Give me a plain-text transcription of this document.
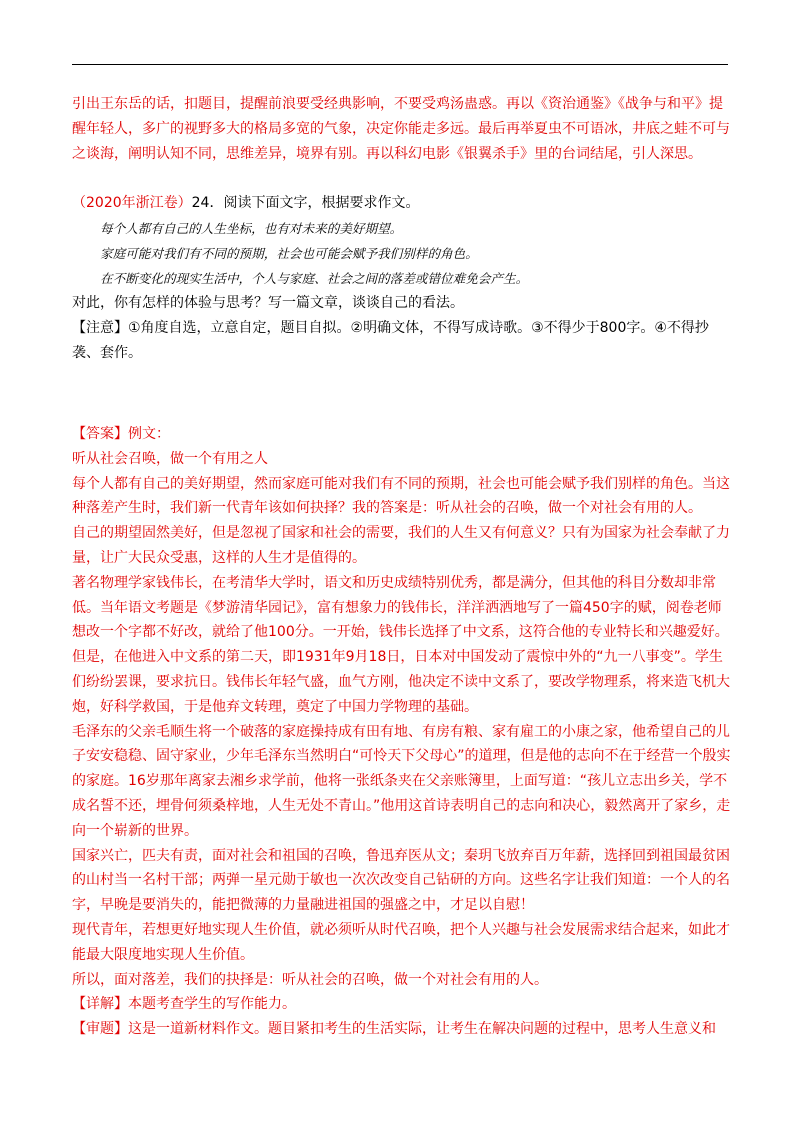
引出王东岳的话，扣题目，提醒前浪要受经典影响，不要受鸡汤蛊惑。再以《资治通鉴》《战争与和平》提醒年轻人，多广的视野多大的格局多宽的气象，决定你能走多远。最后再举夏虫不可语冰，井底之蛙不可与之谈海，阐明认知不同，思维差异，境界有别。再以科幻电影《银翼杀手》里的台词结尾，引人深思。

（2020年浙江卷）24．阅读下面文字，根据要求作文。

每个人都有自己的人生坐标，也有对未来的美好期望。

家庭可能对我们有不同的预期，社会也可能会赋予我们别样的角色。

在不断变化的现实生活中，个人与家庭、社会之间的落差或错位难免会产生。

对此，你有怎样的体验与思考？写一篇文章，谈谈自己的看法。

【注意】①角度自选，立意自定，题目自拟。②明确文体，不得写成诗歌。③不得少于800字。④不得抄袭、套作。

【答案】例文：

听从社会召唤，做一个有用之人

每个人都有自己的美好期望，然而家庭可能对我们有不同的预期，社会也可能会赋予我们别样的角色。当这种落差产生时，我们新一代青年该如何抉择？我的答案是：听从社会的召唤，做一个对社会有用的人。

自己的期望固然美好，但是忽视了国家和社会的需要，我们的人生又有何意义？只有为国家为社会奉献了力量，让广大民众受惠，这样的人生才是值得的。

著名物理学家钱伟长，在考清华大学时，语文和历史成绩特别优秀，都是满分，但其他的科目分数却非常低。当年语文考题是《梦游清华园记》，富有想象力的钱伟长，洋洋洒洒地写了一篇450字的赋，阅卷老师想改一个字都不好改，就给了他100分。一开始，钱伟长选择了中文系，这符合他的专业特长和兴趣爱好。但是，在他进入中文系的第二天，即1931年9月18日，日本对中国发动了震惊中外的“九一八事变”。学生们纷纷罢课，要求抗日。钱伟长年轻气盛，血气方刚，他决定不读中文系了，要改学物理系，将来造飞机大炮，好科学救国，于是他弃文转理，奠定了中国力学物理的基础。

毛泽东的父亲毛顺生将一个破落的家庭操持成有田有地、有房有粮、家有雇工的小康之家，他希望自己的儿子安安稳稳、固守家业，少年毛泽东当然明白“可怜天下父母心”的道理，但是他的志向不在于经营一个殷实的家庭。16岁那年离家去湘乡求学前，他将一张纸条夹在父亲账簿里，上面写道：“孩儿立志出乡关，学不成名誓不还，埋骨何须桑梓地，人生无处不青山。”他用这首诗表明自己的志向和决心，毅然离开了家乡，走向一个崭新的世界。

国家兴亡，匹夫有责，面对社会和祖国的召唤，鲁迅弃医从文；秦玥飞放弃百万年薪，选择回到祖国最贫困的山村当一名村干部；两弹一星元勋于敏也一次次改变自己钻研的方向。这些名字让我们知道：一个人的名字，早晚是要消失的，能把微薄的力量融进祖国的强盛之中，才足以自慰！

现代青年，若想更好地实现人生价值，就必须听从时代召唤，把个人兴趣与社会发展需求结合起来，如此才能最大限度地实现人生价值。

所以，面对落差，我们的抉择是：听从社会的召唤，做一个对社会有用的人。

【详解】本题考查学生的写作能力。

【审题】这是一道新材料作文。题目紧扣考生的生活实际，让考生在解决问题的过程中，思考人生意义和
